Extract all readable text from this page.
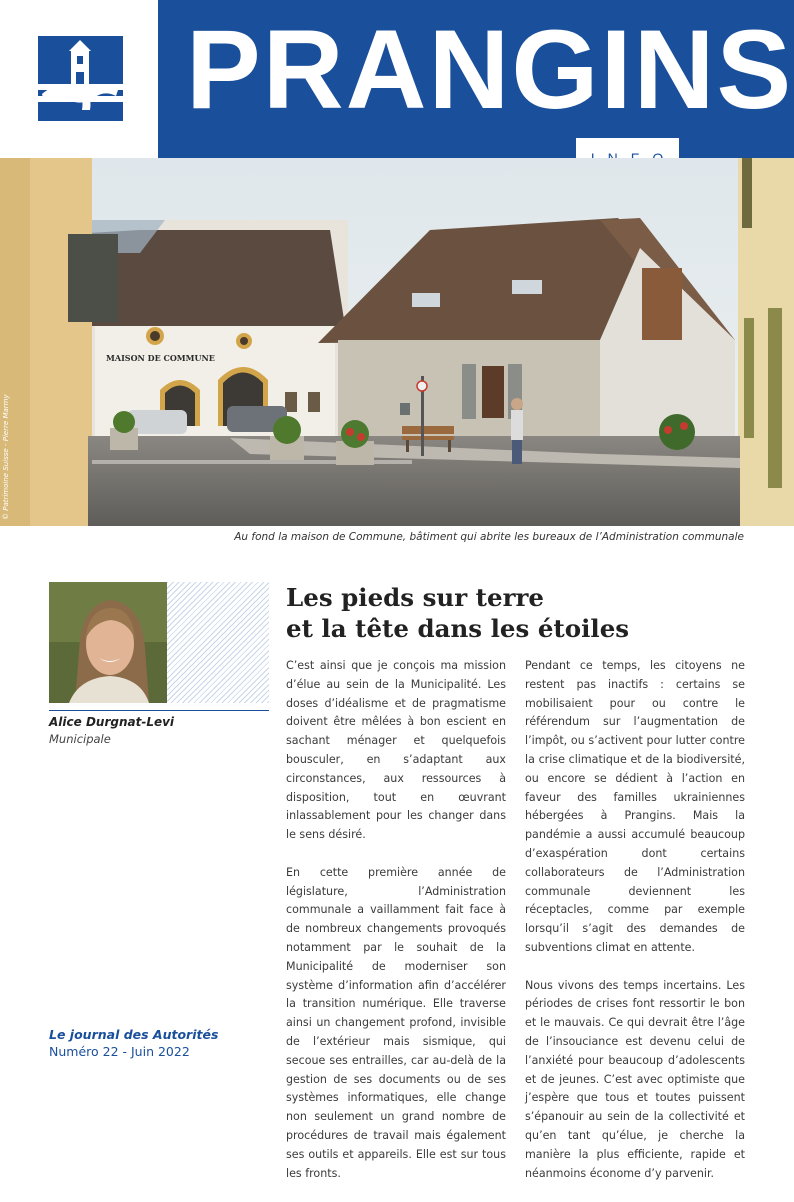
PRANGINS
MAISON DE COMMUNE
© Patrimoine Suisse - Pierre Marmy
Au fond la maison de Commune, bâtiment qui abrite les bureaux de l’Administration communale
Alice Durgnat-Levi
Municipale
Le journal des Autorités
Numéro 22 - Juin 2022
Les pieds sur terre
et la tête dans les étoiles

C’est ainsi que je conçois ma mission d’élue au sein de la Municipalité. Les doses d’idéalisme et de pragmatisme doivent être mêlées à bon escient en sachant ménager et quelquefois bousculer, en s’adaptant aux circonstances, aux ressources à disposition, tout en œuvrant inlassablement pour les changer dans le sens désiré.

En cette première année de législature, l’Administration communale a vaillamment fait face à de nombreux changements provoqués notamment par le souhait de la Municipalité de moderniser son système d’information afin d’accélérer la transition numérique. Elle traverse ainsi un changement profond, invisible de l’extérieur mais sismique, qui secoue ses entrailles, car au-delà de la gestion de ses documents ou de ses systèmes informatiques, elle change non seulement un grand nombre de procédures de travail mais également ses outils et appareils. Elle est sur tous les fronts.

Pendant ce temps, les citoyens ne restent pas inactifs : certains se mobilisaient pour ou contre le référendum sur l’augmentation de l’impôt, ou s’activent pour lutter contre la crise climatique et de la biodiversité, ou encore se dédient à l’action en faveur des familles ukrainiennes hébergées à Prangins. Mais la pandémie a aussi accumulé beaucoup d’exaspération dont certains collaborateurs de l’Administration communale deviennent les réceptacles, comme par exemple lorsqu’il s’agit des demandes de subventions climat en attente.

Nous vivons des temps incertains. Les périodes de crises font ressortir le bon et le mauvais. Ce qui devrait être l’âge de l’insouciance est devenu celui de l’anxiété pour beaucoup d’adolescents et de jeunes. C’est avec optimiste que j’espère que tous et toutes puissent s’épanouir au sein de la collectivité et qu’en tant qu’élue, je cherche la manière la plus efficiente, rapide et néanmoins économe d’y parvenir.
